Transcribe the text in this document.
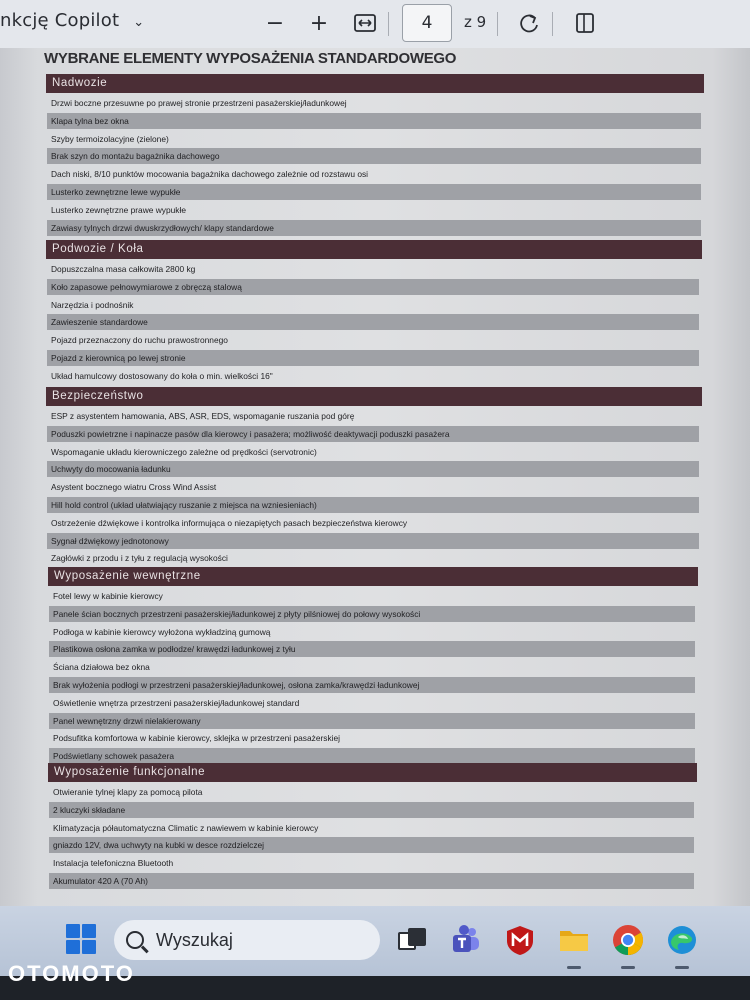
nkcję Copilot ⌄	− +	4 z 9
WYBRANE ELEMENTY WYPOSAŻENIA STANDARDOWEGO
Nadwozie
Drzwi boczne przesuwne po prawej stronie przestrzeni pasażerskiej/ładunkowej
Klapa tylna bez okna
Szyby termoizolacyjne (zielone)
Brak szyn do montażu bagażnika dachowego
Dach niski, 8/10 punktów mocowania bagażnika dachowego zależnie od rozstawu osi
Lusterko zewnętrzne lewe wypukłe
Lusterko zewnętrzne prawe wypukłe
Zawiasy tylnych drzwi dwuskrzydłowych/ klapy standardowe
Podwozie / Koła
Dopuszczalna masa całkowita 2800 kg
Koło zapasowe pełnowymiarowe z obręczą stalową
Narzędzia i podnośnik
Zawieszenie standardowe
Pojazd przeznaczony do ruchu prawostronnego
Pojazd z kierownicą po lewej stronie
Układ hamulcowy dostosowany do koła o min. wielkości 16"
Bezpieczeństwo
ESP z asystentem hamowania, ABS, ASR, EDS, wspomaganie ruszania pod górę
Poduszki powietrzne i napinacze pasów dla kierowcy i pasażera; możliwość deaktywacji poduszki pasażera
Wspomaganie układu kierowniczego zależne od prędkości (servotronic)
Uchwyty do mocowania ładunku
Asystent bocznego wiatru Cross Wind Assist
Hill hold control (układ ułatwiający ruszanie z miejsca na wzniesieniach)
Ostrzeżenie dźwiękowe i kontrolka informująca o niezapiętych pasach bezpieczeństwa kierowcy
Sygnał dźwiękowy jednotonowy
Zagłówki z przodu i z tyłu z regulacją wysokości
Wyposażenie wewnętrzne
Fotel lewy w kabinie kierowcy
Panele ścian bocznych przestrzeni pasażerskiej/ładunkowej z płyty pilśniowej do połowy wysokości
Podłoga w kabinie kierowcy wyłożona wykładziną gumową
Plastikowa osłona zamka w podłodze/ krawędzi ładunkowej z tyłu
Ściana działowa bez okna
Brak wyłożenia podłogi w przestrzeni pasażerskiej/ładunkowej, osłona zamka/krawędzi ładunkowej
Oświetlenie wnętrza przestrzeni pasażerskiej/ładunkowej standard
Panel wewnętrzny drzwi nielakierowany
Podsufitka komfortowa w kabinie kierowcy, sklejka w przestrzeni pasażerskiej
Podświetlany schowek pasażera
Wyposażenie funkcjonalne
Otwieranie tylnej klapy za pomocą pilota
2 kluczyki składane
Klimatyzacja półautomatyczna Climatic z nawiewem w kabinie kierowcy
gniazdo 12V, dwa uchwyty na kubki w desce rozdzielczej
Instalacja telefoniczna Bluetooth
Akumulator 420 A (70 Ah)
Wyszukaj
OTOMOTO
